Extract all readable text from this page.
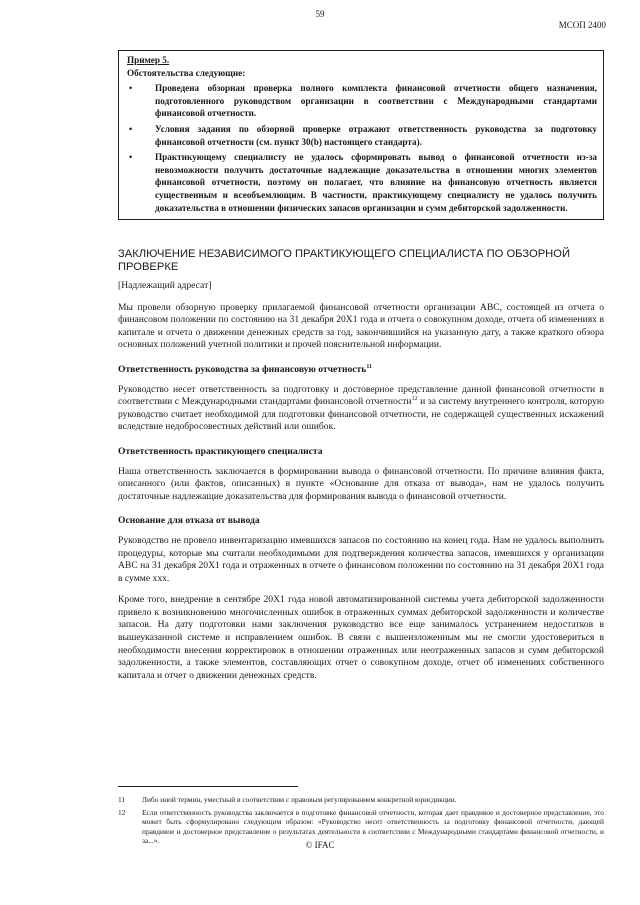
59
МСОП 2400
Пример 5.
Обстоятельства следующие:
• Проведена обзорная проверка полного комплекта финансовой отчетности общего назначения, подготовленного руководством организации в соответствии с Международными стандартами финансовой отчетности.
• Условия задания по обзорной проверке отражают ответственность руководства за подготовку финансовой отчетности (см. пункт 30(b) настоящего стандарта).
• Практикующему специалисту не удалось сформировать вывод о финансовой отчетности из-за невозможности получить достаточные надлежащие доказательства в отношении многих элементов финансовой отчетности, поэтому он полагает, что влияние на финансовую отчетность является существенным и всеобъемлющим. В частности, практикующему специалисту не удалось получить доказательства в отношении физических запасов организации и сумм дебиторской задолженности.
ЗАКЛЮЧЕНИЕ НЕЗАВИСИМОГО ПРАКТИКУЮЩЕГО СПЕЦИАЛИСТА ПО ОБЗОРНОЙ ПРОВЕРКЕ
[Надлежащий адресат]
Мы провели обзорную проверку прилагаемой финансовой отчетности организации АВС, состоящей из отчета о финансовом положении по состоянию на 31 декабря 20X1 года и отчета о совокупном доходе, отчета об изменениях в капитале и отчета о движении денежных средств за год, закончившийся на указанную дату, а также краткого обзора основных положений учетной политики и прочей пояснительной информации.
Ответственность руководства за финансовую отчетность$^{11}$
Руководство несет ответственность за подготовку и достоверное представление данной финансовой отчетности в соответствии с Международными стандартами финансовой отчетности$^{12}$ и за систему внутреннего контроля, которую руководство считает необходимой для подготовки финансовой отчетности, не содержащей существенных искажений вследствие недобросовестных действий или ошибок.
Ответственность практикующего специалиста
Наша ответственность заключается в формировании вывода о финансовой отчетности. По причине влияния факта, описанного (или фактов, описанных) в пункте «Основание для отказа от вывода», нам не удалось получить достаточные надлежащие доказательства для формирования вывода о финансовой отчетности.
Основание для отказа от вывода
Руководство не провело инвентаризацию имевшихся запасов по состоянию на конец года. Нам не удалось выполнить процедуры, которые мы считали необходимыми для подтверждения количества запасов, имевшихся у организации АВС на 31 декабря 20X1 года и отраженных в отчете о финансовом положении по состоянию на 31 декабря 20X1 года в сумме ххх.
Кроме того, внедрение в сентябре 20X1 года новой автоматизированной системы учета дебиторской задолженности привело к возникновению многочисленных ошибок в отраженных суммах дебиторской задолженности и количестве запасов. На дату подготовки нами заключения руководство все еще занималось устранением недостатков в вышеуказанной системе и исправлением ошибок. В связи с вышеизложенным мы не смогли удостовериться в необходимости внесения корректировок в отношении отраженных или неотраженных запасов и сумм дебиторской задолженности, а также элементов, составляющих отчет о совокупном доходе, отчет об изменениях собственного капитала и отчет о движении денежных средств.
11 Либо иной термин, уместный в соответствии с правовым регулированием конкретной юрисдикции.
12 Если ответственность руководства заключается в подготовке финансовой отчетности, которая дает правдивое и достоверное представление, это может быть сформулировано следующим образом: «Руководство несет ответственность за подготовку финансовой отчетности, дающей правдивое и достоверное представление о результатах деятельности в соответствии с Международными стандартами финансовой отчетности, и за...».	© IFAC
